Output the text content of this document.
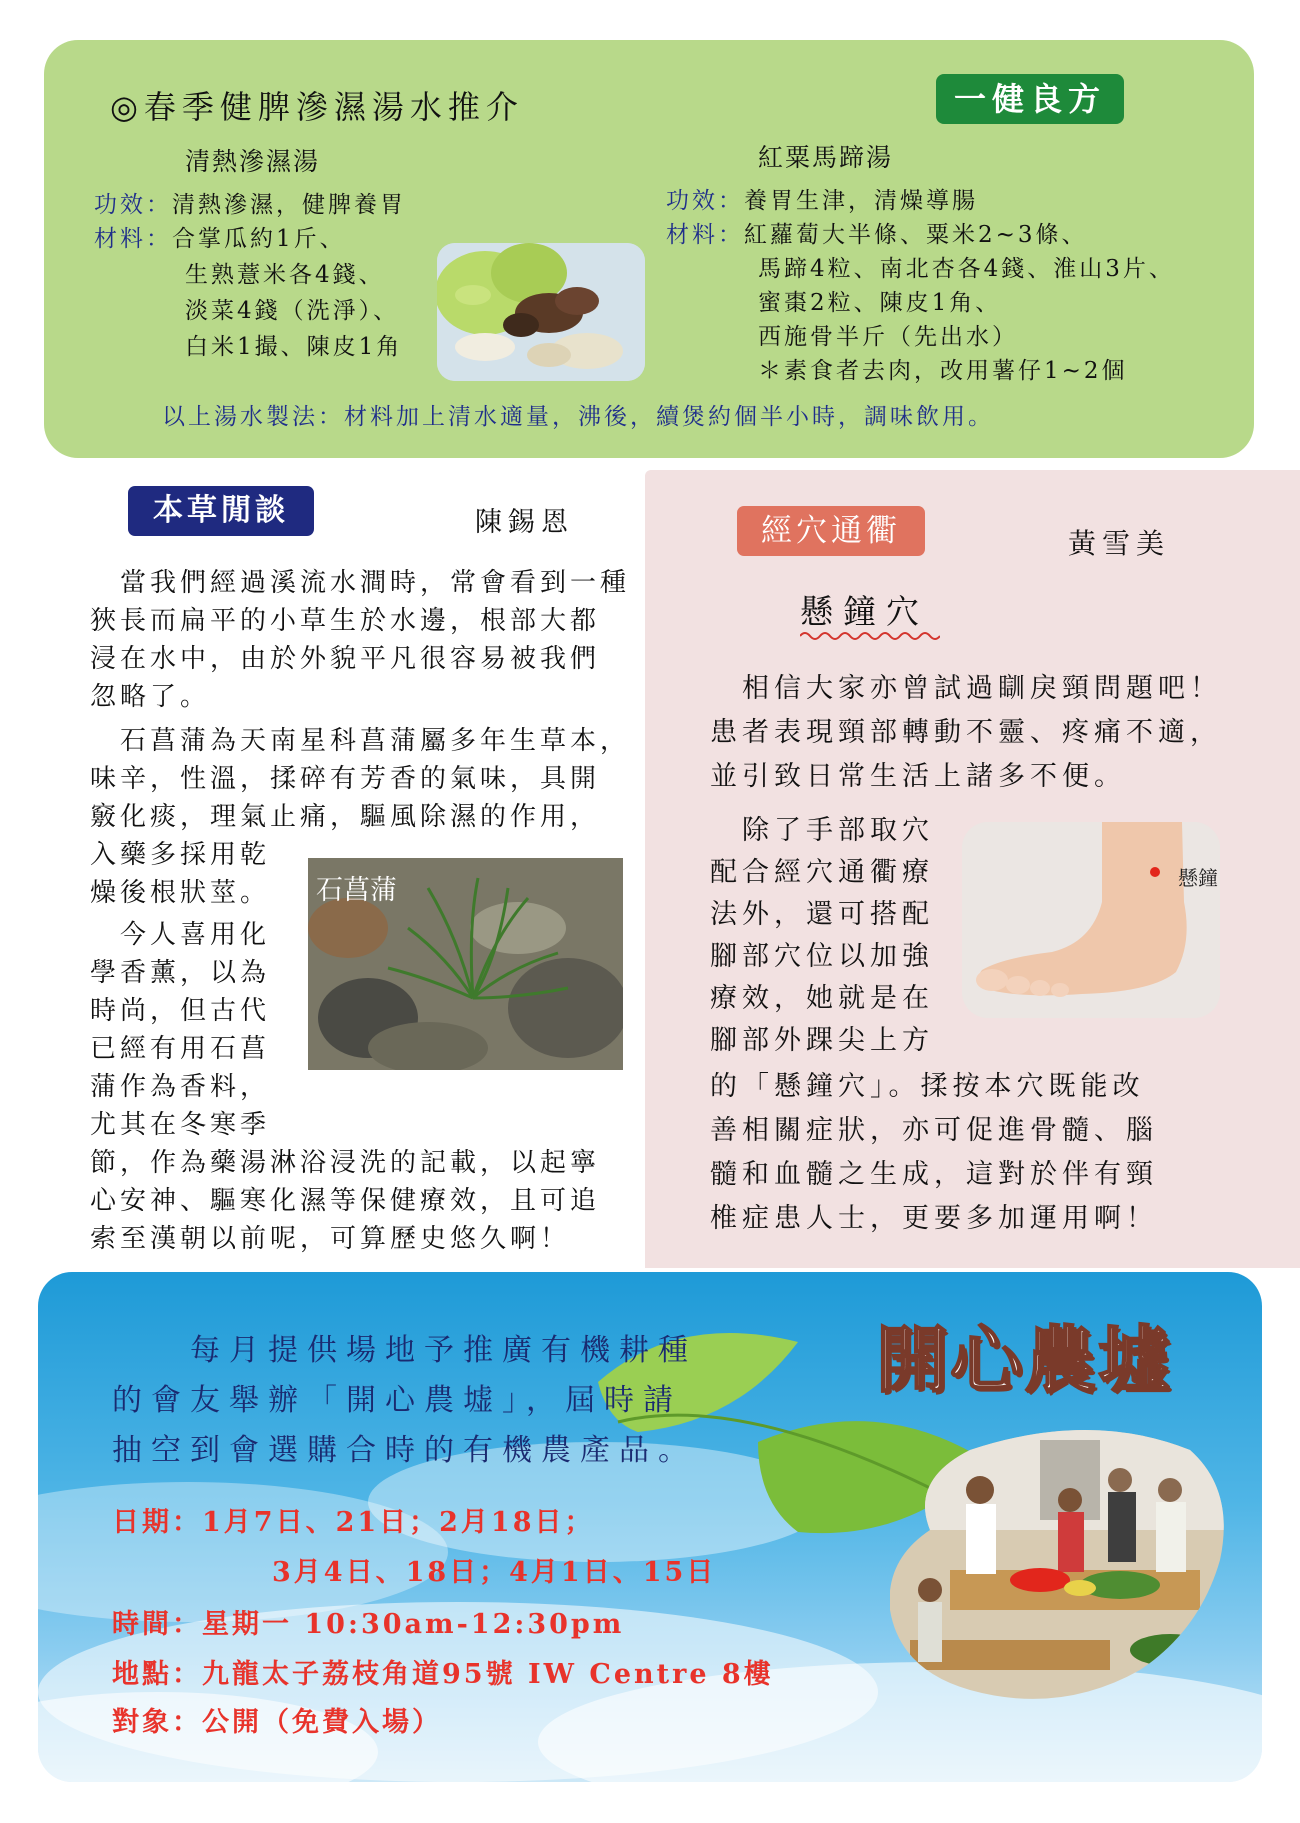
◎春季健脾滲濕湯水推介	一健良方
清熱滲濕湯
功效：清熱滲濕，健脾養胃
材料：合掌瓜約1斤、
生熟薏米各4錢、
淡菜4錢（洗淨）、
白米1撮、陳皮1角
紅粟馬蹄湯
功效：養胃生津，清燥導腸
材料：紅蘿蔔大半條、粟米2~3條、
馬蹄4粒、南北杏各4錢、淮山3片、
蜜棗2粒、陳皮1角、
西施骨半斤（先出水）
＊素食者去肉，改用薯仔1~2個
以上湯水製法：材料加上清水適量，沸後，續煲約個半小時，調味飲用。
本草閒談	陳錫恩
　當我們經過溪流水澗時，常會看到一種
狹長而扁平的小草生於水邊，根部大都
浸在水中，由於外貌平凡很容易被我們
忽略了。
　石菖蒲為天南星科菖蒲屬多年生草本，
味辛，性溫，揉碎有芳香的氣味，具開
竅化痰，理氣止痛，驅風除濕的作用，
入藥多採用乾
燥後根狀莖。
　今人喜用化
學香薰，以為
時尚，但古代
已經有用石菖
蒲作為香料，
尤其在冬寒季
節，作為藥湯淋浴浸洗的記載，以起寧
心安神、驅寒化濕等保健療效，且可追
索至漢朝以前呢，可算歷史悠久啊！
石菖蒲
經穴通衢	黃雪美
懸鐘穴
　相信大家亦曾試過瞓戾頸問題吧！
患者表現頸部轉動不靈、疼痛不適，
並引致日常生活上諸多不便。
　除了手部取穴
配合經穴通衢療
法外，還可搭配
腳部穴位以加強
療效，她就是在
腳部外踝尖上方
的「懸鐘穴」。揉按本穴既能改
善相關症狀，亦可促進骨髓、腦
髓和血髓之生成，這對於伴有頸
椎症患人士，更要多加運用啊！
懸鐘
開心農墟
　　每月提供場地予推廣有機耕種
的會友舉辦「開心農墟」，屆時請
抽空到會選購合時的有機農產品。
日期：1月7日、21日；2月18日；
3月4日、18日；4月1日、15日
時間：星期一 10:30am-12:30pm
地點：九龍太子荔枝角道95號 IW Centre 8樓
對象：公開（免費入場）
